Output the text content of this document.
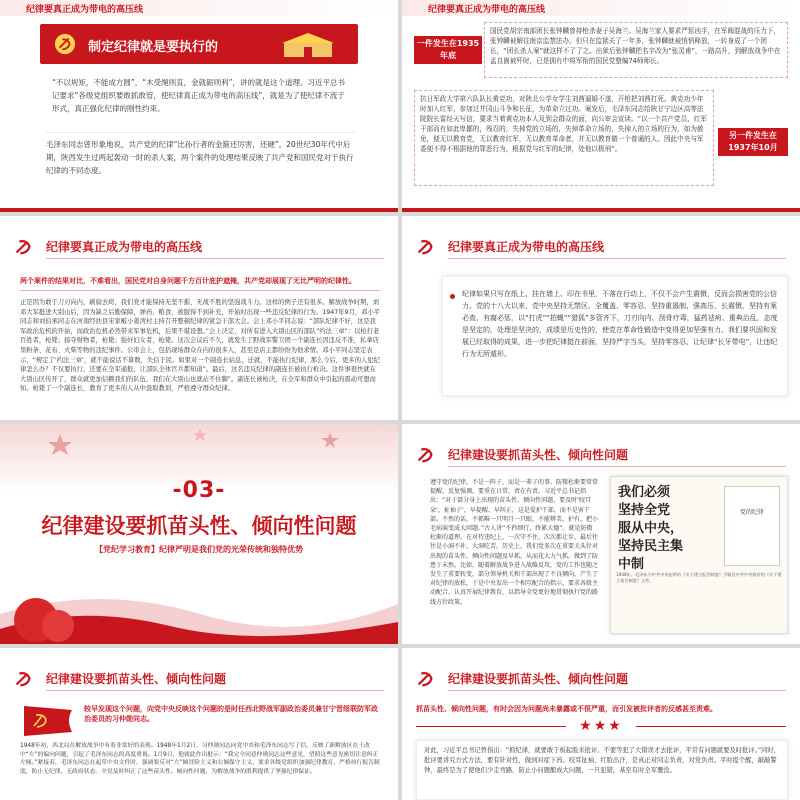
纪律要真正成为带电的高压线
制定纪律就是要执行的
“不以规矩，不能成方圆”，“木受绳则直，金就砺则利”，讲的就是这个道理。习近平总书记要求“各级党组织要敢抓敢管，使纪律真正成为带电的高压线”，就是为了使纪律不流于形式，真正强化纪律的刚性约束。
毛泽东同志曾形象地说，共产党的纪律“比孙行者的金箍还厉害，还硬”。20世纪30年代中后期，陕西发生过两起轰动一时的杀人案，两个案件的处理结果反映了共产党和国民党对于执行纪律的不同态度。
纪律要真正成为带电的高压线
一件发生在1935年底
国民党胡宗南部团长张钟麟曾持枪杀妻子吴海兰。吴海兰家人要求严惩凶手，在军阀混战的压力下，张钟麟被解往南京监禁法办。但只在监狱关了一年多，张钟麟就被悄悄释放，一转身成了一个团长，“团长杀人案”就这样不了了之。出狱后张钟麟把名字改为“张灵甫”，一路高升，到解放战争中在孟良崮被歼时，已是拥有中将军衔的国民党整编74师师长。
抗日军政大学第六队队长黄克功，对陕北公学女学生刘茜逼婚不遂，开枪把刘茜打死。黄克功少年时加入红军，参加过井冈山斗争和长征，为革命立过功。案发后，毛泽东同志给陕甘宁边区高等法院院长雷经天写信，要求当着黄克功本人及到会群众的面，向公审会宣读。“以一个共产党员、红军干部而有如此卑鄙的，残忍的，失掉党的立场的，失掉革命立场的，失掉人的立场的行为，如为赦免，便无以教育党，无以教育红军，无以教育革命者，并无以教育做一个普通的人。因此中央与军委便不得不根据他的罪恶行为，根据党与红军的纪律，处他以极刑”。
另一件发生在1937年10月
纪律要真正成为带电的高压线
两个案件的结果对比，不难看出，国民党对自身问题千方百计庇护遮掩，共产党却展现了无比严明的纪律性。
正是因为敢于刀刃向内，刷腐去疴，我们党才能保持无坚不摧、无战不胜的坚强战斗力。这样的例子还有很多。解放战争时期，刘邓大军挺进大别山后，因为缺乏后勤保障，弹药、粮食、被服得不到补充，开始时出现一些违反纪律的行为。1947年9月，邓小平同志和刘伯承同志在河南经扶县宋家畈小姜湾村主持召开整顿纪律的紧急干部大会。会上邓小平同志说：“部队纪律不好，这是我军政治危机的开始，而政治危机必然带来军事危机，后果不堪设想。”会上决定，对所有进入大别山区的部队“约法三章”：以枪打老百姓者，枪毙；掠夺财物者，枪毙；强奸妇女者，枪毙。这次会议后不久，就发生了野战军警卫团一个副连长因违反不准，私拿店里粉条、花布、火柴等物的违纪事件。公审会上，包括现场群众在内的很多人，甚至是店主都纷纷为他求情。邓小平同志坚定表示，“规定了‘约法三章’，就不能说话不算数，失信于民。如果对一个副连长姑息，迁就，不能执行纪律，那么今后，更多的人犯纪律怎么办？不仅要执行，还要在全军通报，让部队全体官兵都知道”。最后，这名违反纪律的副连长被执行枪决。这件事很快就在大别山区传开了，群众就更加信赖我们的队伍，我们在大别山也就站不住脚”。副连长被枪决，在全军和群众中引起的震动可想而知。枪毙了一个副连长，教育了更多的人从中汲取教训，严格遵守群众纪律。
纪律要真正成为带电的高压线
纪律如果只写在纸上、挂在墙上、印在书里，不落在行动上，不仅不会产生震慑，反而会损害党的公信力。党的十八大以来，党中央坚持无禁区、全覆盖、零容忍，坚持重遏制、强高压、长震慑，坚持有案必查、有腐必惩，以“打虎”“拍蝇”“猎狐”多管齐下，刀刃向内、刮骨疗毒，猛药祛疴、重典治乱，态度是坚定的，处理是坚决的，成绩是历史性的，使党在革命性锻造中变得更加坚强有力。我们要巩固和发展已经取得的成果，进一步把纪律挺在前面，坚持严字当头，坚持零容忍，让纪律“长牙带电”，让违纪行为无所遁形。
-03-
纪律建设要抓苗头性、倾向性问题
【党纪学习教育】纪律严明是我们党的光荣传统和独特优势
纪律建设要抓苗头性、倾向性问题
遵守党的纪律，不是一阵子，而是一辈子的事。防微杜渐要常常提醒、反复强调，要重在日常，责在有责。习近平总书记指出：“对于部分身上出现的苗头性、倾向性问题，要及时‘咬耳朵’，扯袖子’，早提醒、早纠正，这是爱护干部，而不是害干部。不然的话，不抓唯一只明月一只眼，不能辨美、护有，把小毛病演变成大问题。”古人讲“不矜细行，终累大德”。就是防微杜渐的道理。在对待违纪上，一次守不住、次次都让步，最后往往是小洞不补、大洞吃苦。历史上，我们党多次在重要关头针对出现的苗头性、倾向性问题及早抓，从而花大力气抓，做到了防患于未然。比如，随着解放战争进入战略反攻，党的工作也随之发生了重要转变，部分领导机关和干部出现了不良倾向，产生了对纪律的放松，于是中央发出一个相互配合的指示，要求各级主动配合、认真开展纪律教育，以指导全党更好地贯彻执行党的路线方针政策。
我们必须
坚持全党
服从中央，
坚持民主集
中制
党的纪律
1948年，毛泽东为中共中央起草的《关于建立报告制度》手稿及中共中央颁布的《关于建立报告制度》文件。
纪律建设要抓苗头性、倾向性问题
较早发现这个问题，向党中央反映这个问题的是时任西北野战军副政治委员兼甘宁晋绥联防军政治委员的习仲勋同志。
1948年初，西北局在解放战争中有着非常好的表现。1948年1月2日，习仲勋同志向党中央和毛泽东同志写了信，反映了新解放区在土改中“左”的偏向问题，引起了毛泽东同志的高度重视。1月9日，他就此作出批示：“我完全同意仲勋同志这些意见，望照这些意见密切注意纠正左倾。”紧接着，毛泽东同志在起草中央文件时，强调要反对“左”倾冒险主义和右倾保守主义，要求各级党组织加强纪律教育，严格执行报告制度，防止无纪律、无政府状态。全党及时纠正了这些苗头性、倾向性问题，为解放战争的胜利提供了坚强纪律保证。
纪律建设要抓苗头性、倾向性问题
抓苗头性、倾向性问题，有时会因为问题尚未暴露或不很严重，而引发被批评者的反感甚至责难。
★★★
对此，习近平总书记曾指出：“抓纪律，就要敢于板起脸来批评。不要等犯了大错误才去批评，平常有问题就要及时批评。”同时，批评要讲究方式方法，要有针对性，做到对症下药。咬耳扯袖、红脸出汗，是真正对同志负责，对党负责。平时提个醒，敲敲警钟，最终是为了使他们少走弯路，防止小问题酿成大问题，一旦犯错，基至有时全军覆没。
